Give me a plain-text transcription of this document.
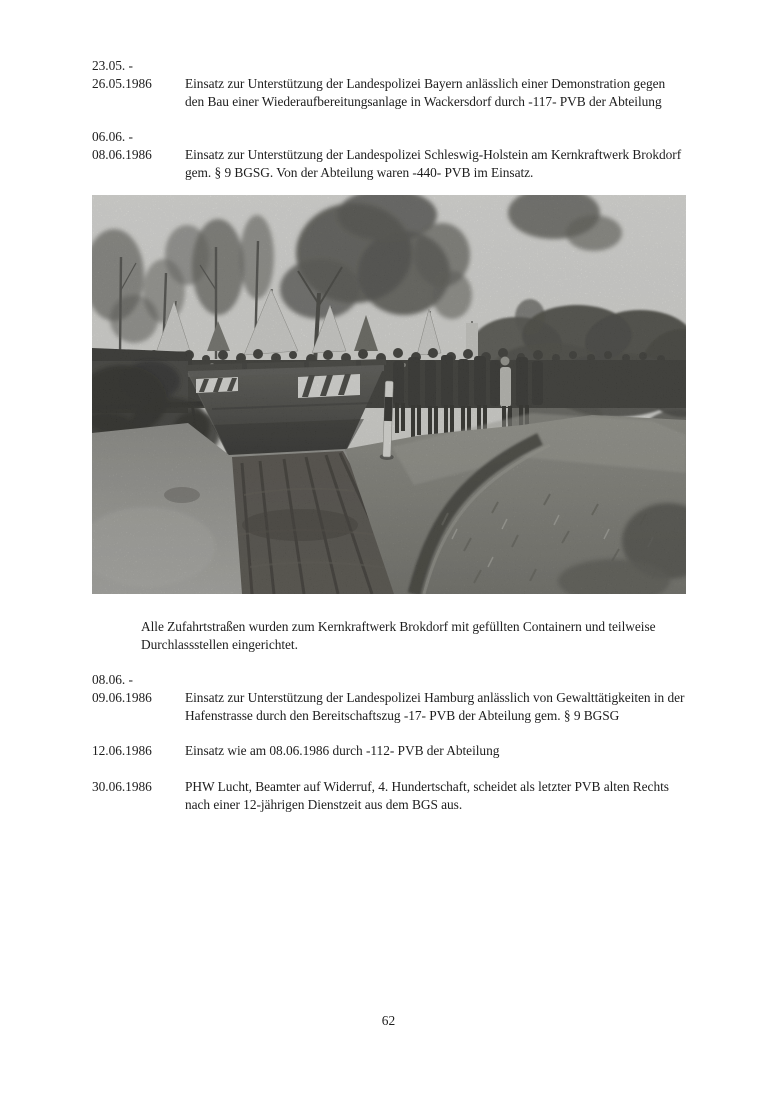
23.05. -
26.05.1986	Einsatz zur Unterstützung der Landespolizei Bayern anlässlich einer Demonstration gegen den Bau einer Wiederaufbereitungsanlage in Wackersdorf durch -117- PVB der Abteilung
06.06. -
08.06.1986	Einsatz zur Unterstützung der Landespolizei Schleswig-Holstein am Kernkraftwerk Brokdorf gem. § 9 BGSG. Von der Abteilung waren -440- PVB im Einsatz.
Alle Zufahrtstraßen wurden zum Kernkraftwerk Brokdorf mit gefüllten Containern und teilweise Durchlassstellen eingerichtet.
08.06. -
09.06.1986	Einsatz zur Unterstützung der Landespolizei Hamburg anlässlich von Gewalttätigkeiten in der Hafenstrasse durch den Bereitschaftszug -17- PVB der Abteilung gem. § 9 BGSG
12.06.1986	Einsatz wie am 08.06.1986 durch -112- PVB der Abteilung
30.06.1986	PHW Lucht, Beamter auf Widerruf, 4. Hundertschaft, scheidet als letzter PVB alten Rechts nach einer 12-jährigen Dienstzeit aus dem BGS aus.
62
